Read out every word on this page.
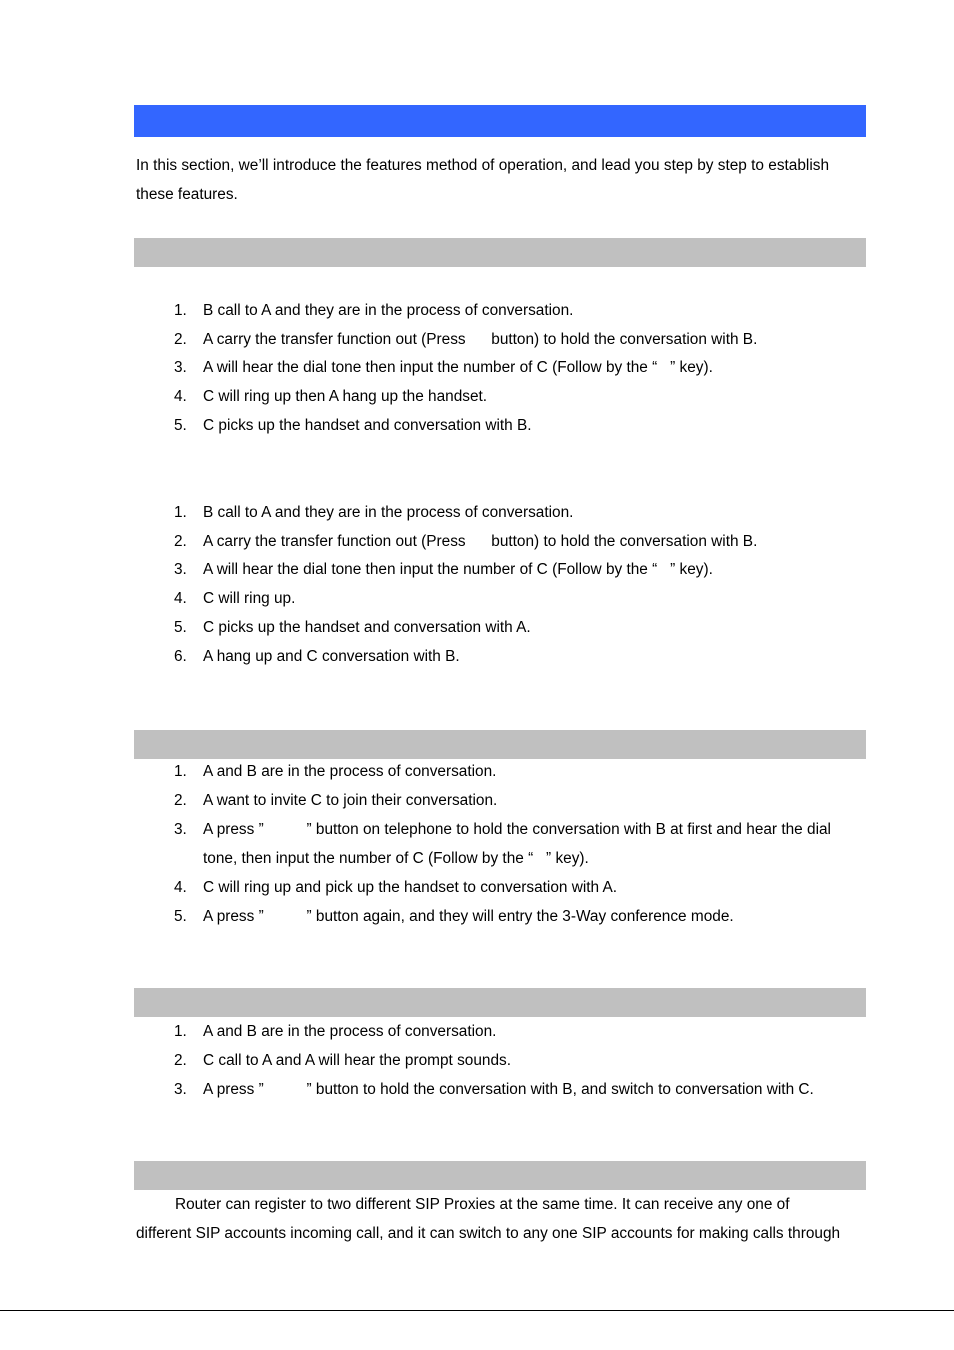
In this section, we’ll introduce the features method of operation, and lead you step by step to establish
these features.
1.	B call to A and they are in the process of conversation.
2.	A carry the transfer function out (Press      button) to hold the conversation with B.
3.	A will hear the dial tone then input the number of C (Follow by the “   ” key).
4.	C will ring up then A hang up the handset.
5.	C picks up the handset and conversation with B.
1.	B call to A and they are in the process of conversation.
2.	A carry the transfer function out (Press      button) to hold the conversation with B.
3.	A will hear the dial tone then input the number of C (Follow by the “   ” key).
4.	C will ring up.
5.	C picks up the handset and conversation with A.
6.	A hang up and C conversation with B.
1.	A and B are in the process of conversation.
2.	A want to invite C to join their conversation.
3.	A press ”          ” button on telephone to hold the conversation with B at first and hear the dial
tone, then input the number of C (Follow by the “   ” key).
4.	C will ring up and pick up the handset to conversation with A.
5.	A press ”          ” button again, and they will entry the 3-Way conference mode.
1.	A and B are in the process of conversation.
2.	C call to A and A will hear the prompt sounds.
3.	A press ”          ” button to hold the conversation with B, and switch to conversation with C.
Router can register to two different SIP Proxies at the same time. It can receive any one of
different SIP accounts incoming call, and it can switch to any one SIP accounts for making calls through
